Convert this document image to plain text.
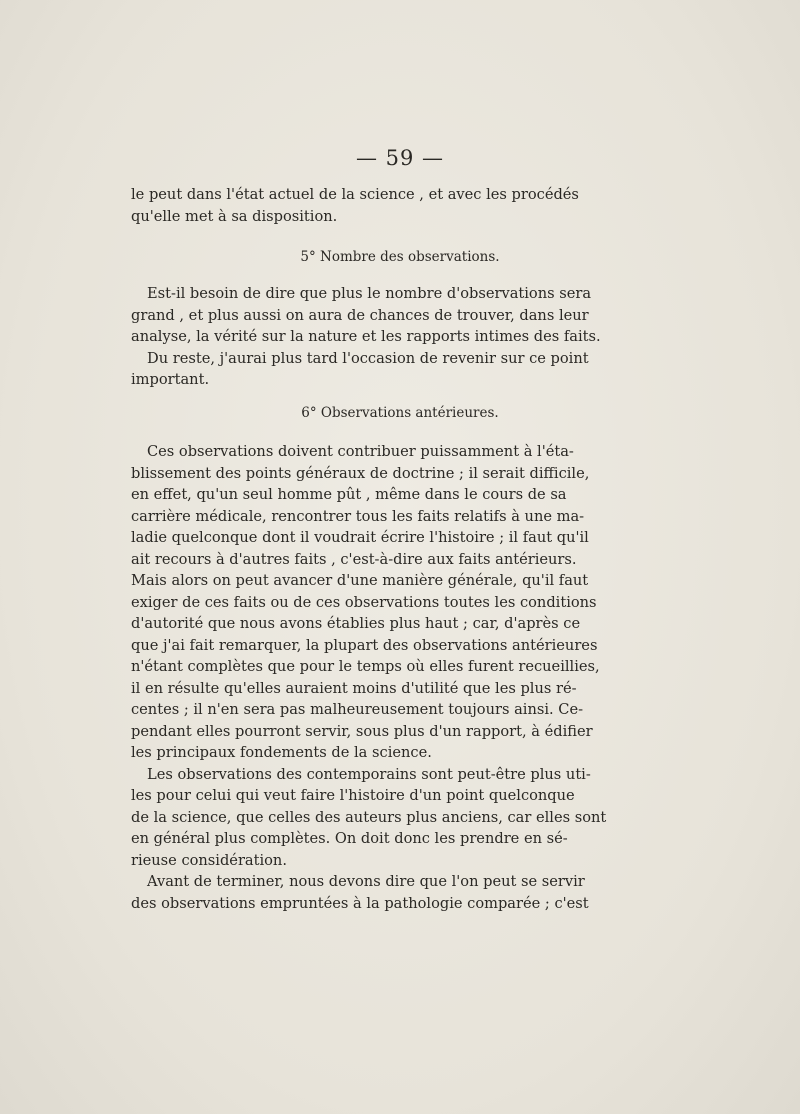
— 59 —

le peut dans l'état actuel de la science , et avec les procédés
qu'elle met à sa disposition.

5° Nombre des observations.

Est-il besoin de dire que plus le nombre d'observations sera
grand , et plus aussi on aura de chances de trouver, dans leur
analyse, la vérité sur la nature et les rapports intimes des faits.

Du reste, j'aurai plus tard l'occasion de revenir sur ce point
important.

6° Observations antérieures.

Ces observations doivent contribuer puissamment à l'éta-
blissement des points généraux de doctrine ; il serait difficile,
en effet, qu'un seul homme pût , même dans le cours de sa
carrière médicale, rencontrer tous les faits relatifs à une ma-
ladie quelconque dont il voudrait écrire l'histoire ; il faut qu'il
ait recours à d'autres faits , c'est-à-dire aux faits antérieurs.
Mais alors on peut avancer d'une manière générale, qu'il faut
exiger de ces faits ou de ces observations toutes les conditions
d'autorité que nous avons établies plus haut ; car, d'après ce
que j'ai fait remarquer, la plupart des observations antérieures
n'étant complètes que pour le temps où elles furent recueillies,
il en résulte qu'elles auraient moins d'utilité que les plus ré-
centes ; il n'en sera pas malheureusement toujours ainsi. Ce-
pendant elles pourront servir, sous plus d'un rapport, à édifier
les principaux fondements de la science.

Les observations des contemporains sont peut-être plus uti-
les pour celui qui veut faire l'histoire d'un point quelconque
de la science, que celles des auteurs plus anciens, car elles sont
en général plus complètes. On doit donc les prendre en sé-
rieuse considération.

Avant de terminer, nous devons dire que l'on peut se servir
des observations empruntées à la pathologie comparée ; c'est
